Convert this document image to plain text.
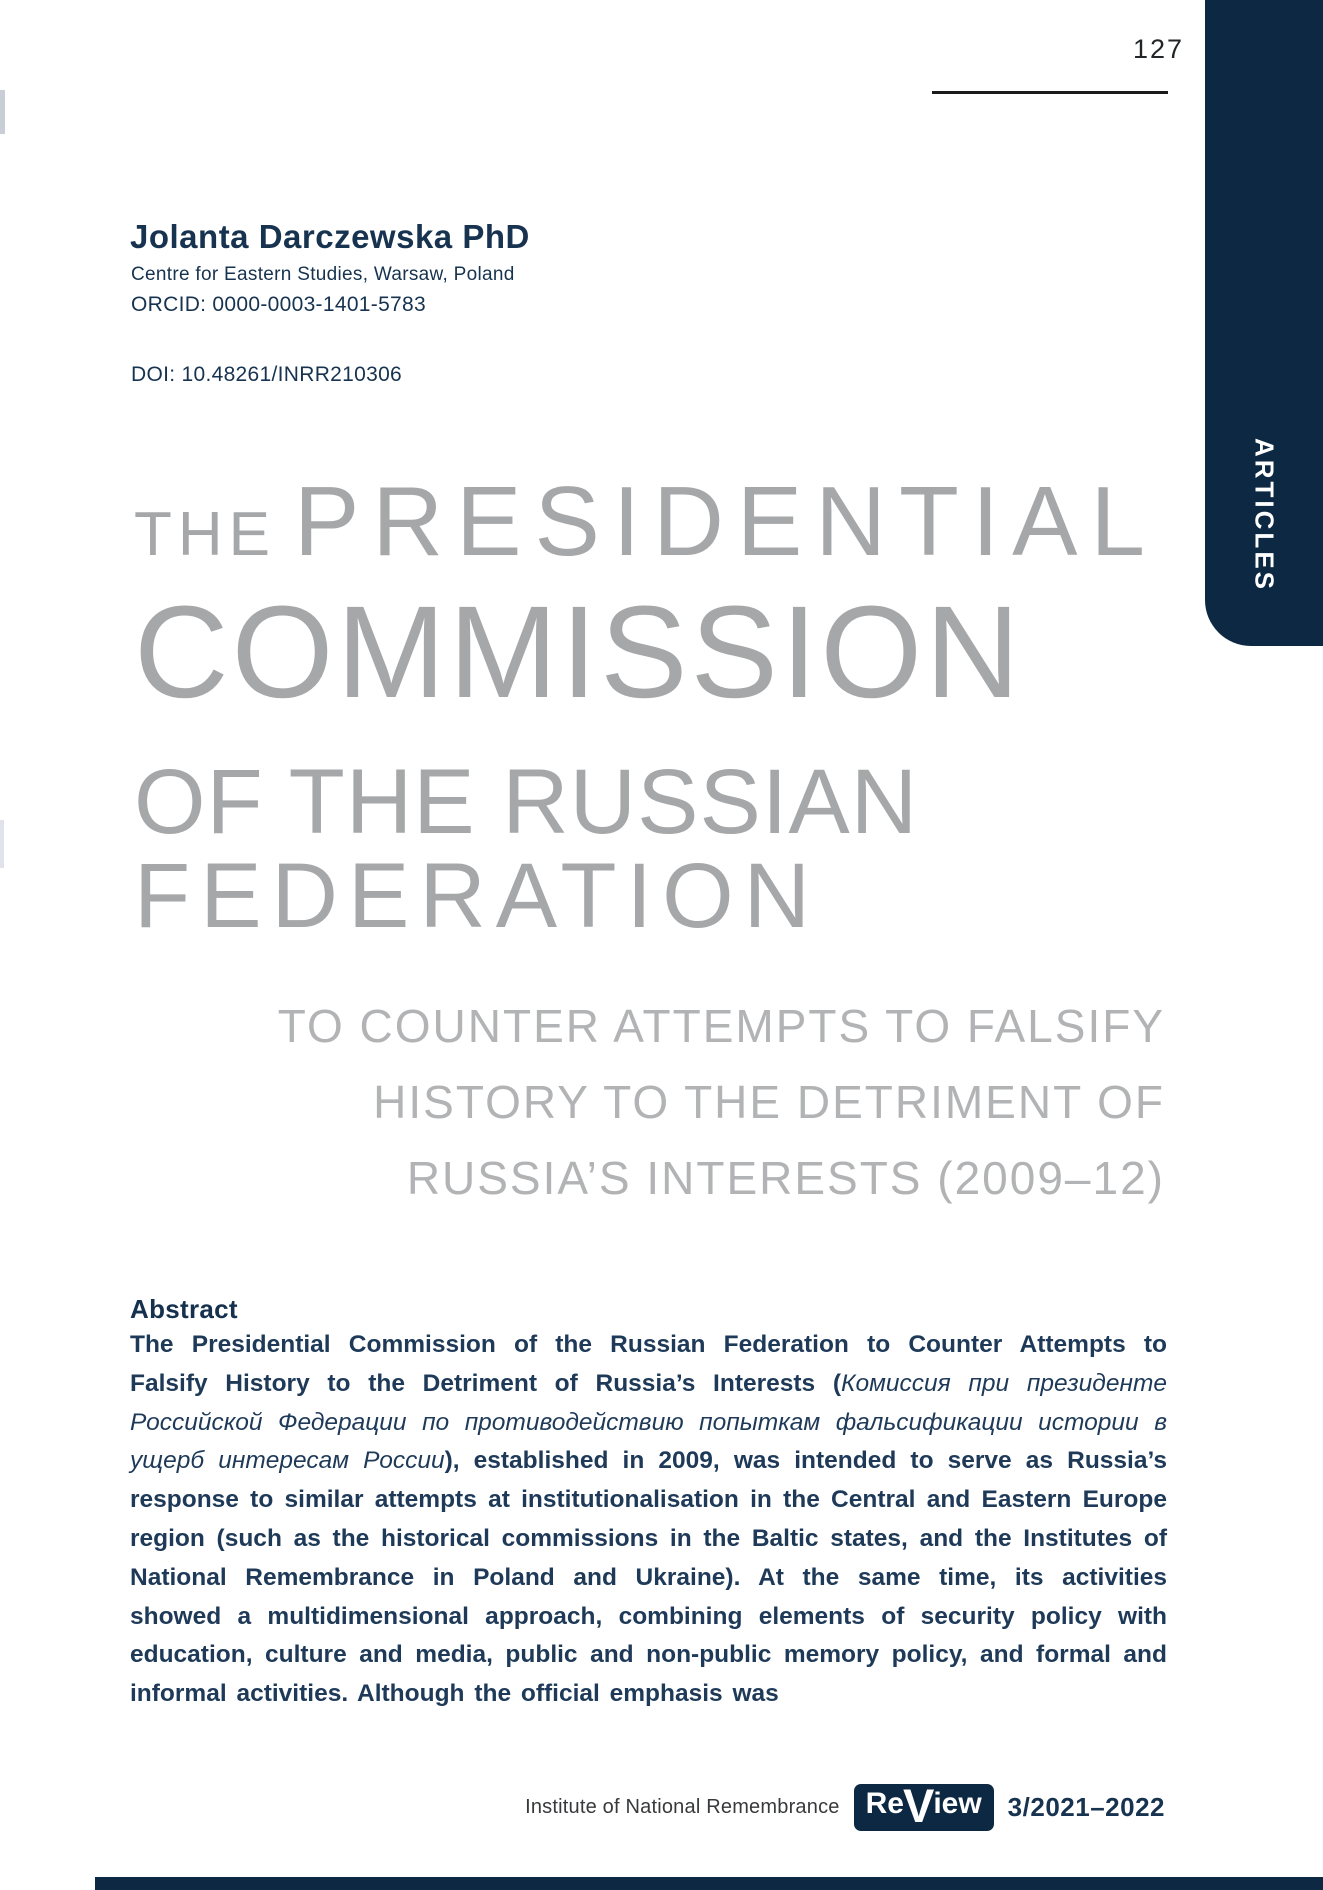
127
ARTICLES
Jolanta Darczewska PhD
Centre for Eastern Studies, Warsaw, Poland
ORCID: 0000-0003-1401-5783
DOI: 10.48261/INRR210306
THE PRESIDENTIAL
COMMISSION
OF THE RUSSIAN
FEDERATION
TO COUNTER ATTEMPTS TO FALSIFY
HISTORY TO THE DETRIMENT OF
RUSSIA’S INTERESTS (2009–12)
Abstract

The Presidential Commission of the Russian Federation to Counter Attempts to Falsify History to the Detriment of Russia’s Interests (Комиссия при президенте Российской Федерации по противодействию попыткам фальсификации истории в ущерб интересам России), established in 2009, was intended to serve as Russia’s response to similar attempts at institutionalisation in the Central and Eastern Europe region (such as the historical commissions in the Baltic states, and the Institutes of National Remembrance in Poland and Ukraine). At the same time, its activities showed a multidimensional approach, combining elements of security policy with education, culture and media, public and non-public memory policy, and formal and informal activities. Although the official emphasis was

Institute of National Remembrance Re V iew 3/2021–2022
